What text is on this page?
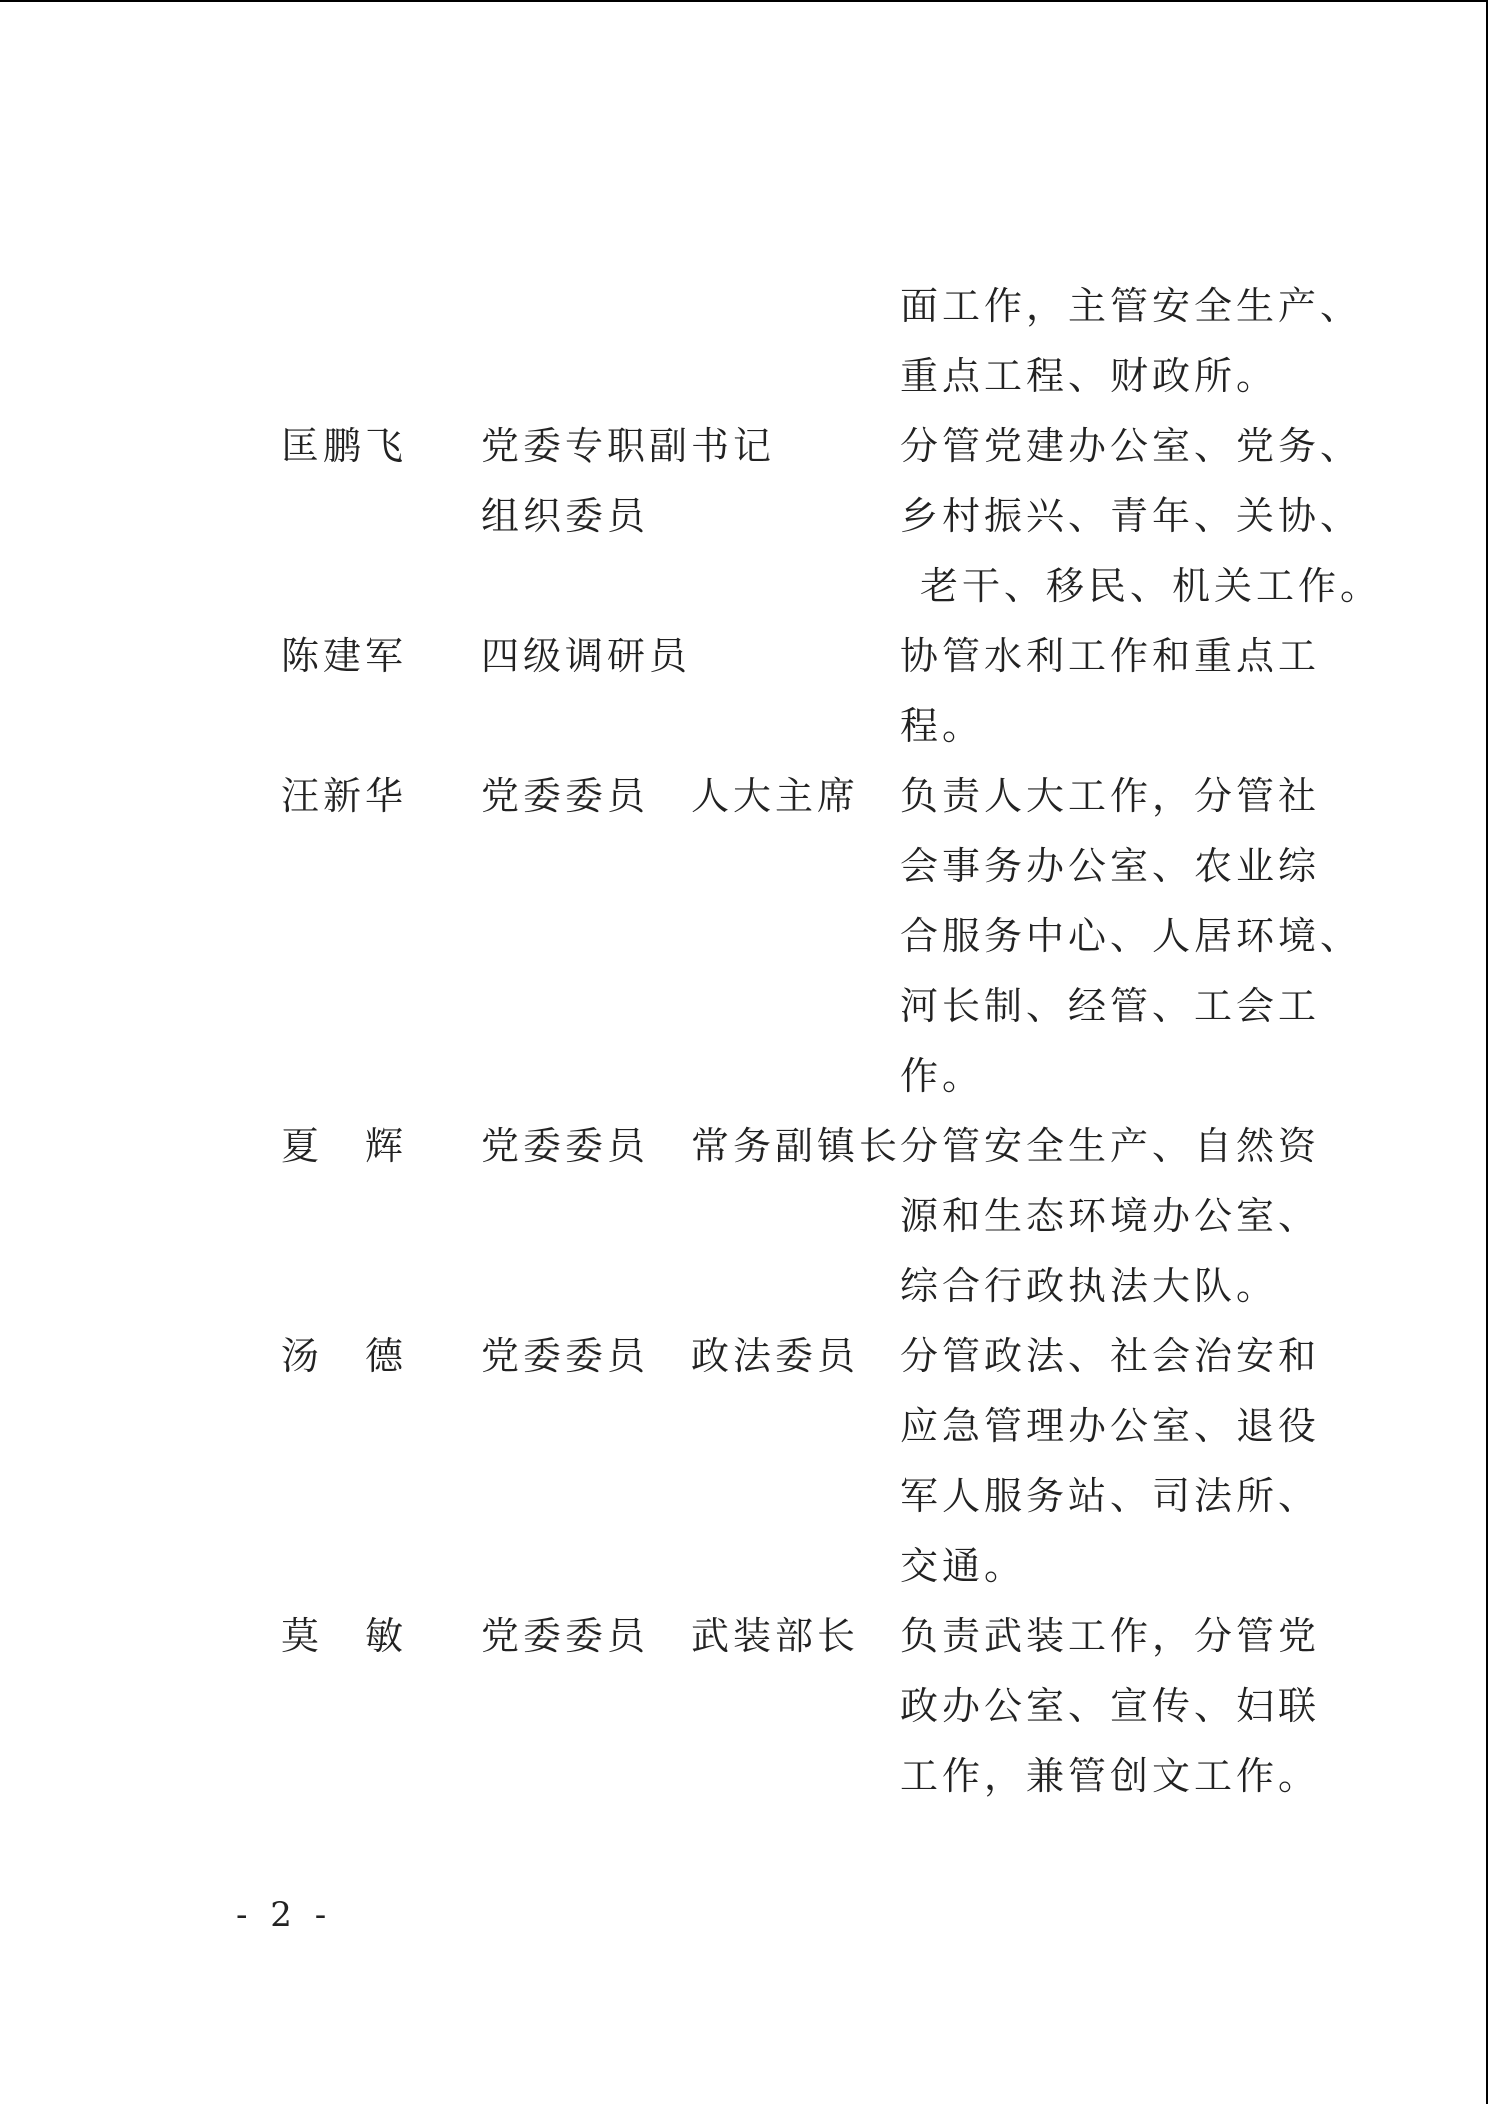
面工作，主管安全生产、
重点工程、财政所。
匡鹏飞 党委专职副书记
组织委员
分管党建办公室、党务、
乡村振兴、青年、关协、
老干、移民、机关工作。
陈建军 四级调研员	协管水利工作和重点工
程。
汪新华 党委委员　人大主席 负责人大工作，分管社
会事务办公室、农业综
合服务中心、人居环境、
河长制、经管、工会工
作。
夏　辉 党委委员　常务副镇长
分管安全生产、自然资
源和生态环境办公室、
综合行政执法大队。
汤　德 党委委员　政法委员 分管政法、社会治安和
应急管理办公室、退役
军人服务站、司法所、
交通。
莫　敏 党委委员　武装部长 负责武装工作，分管党
政办公室、宣传、妇联
工作，兼管创文工作。
- 2 -
